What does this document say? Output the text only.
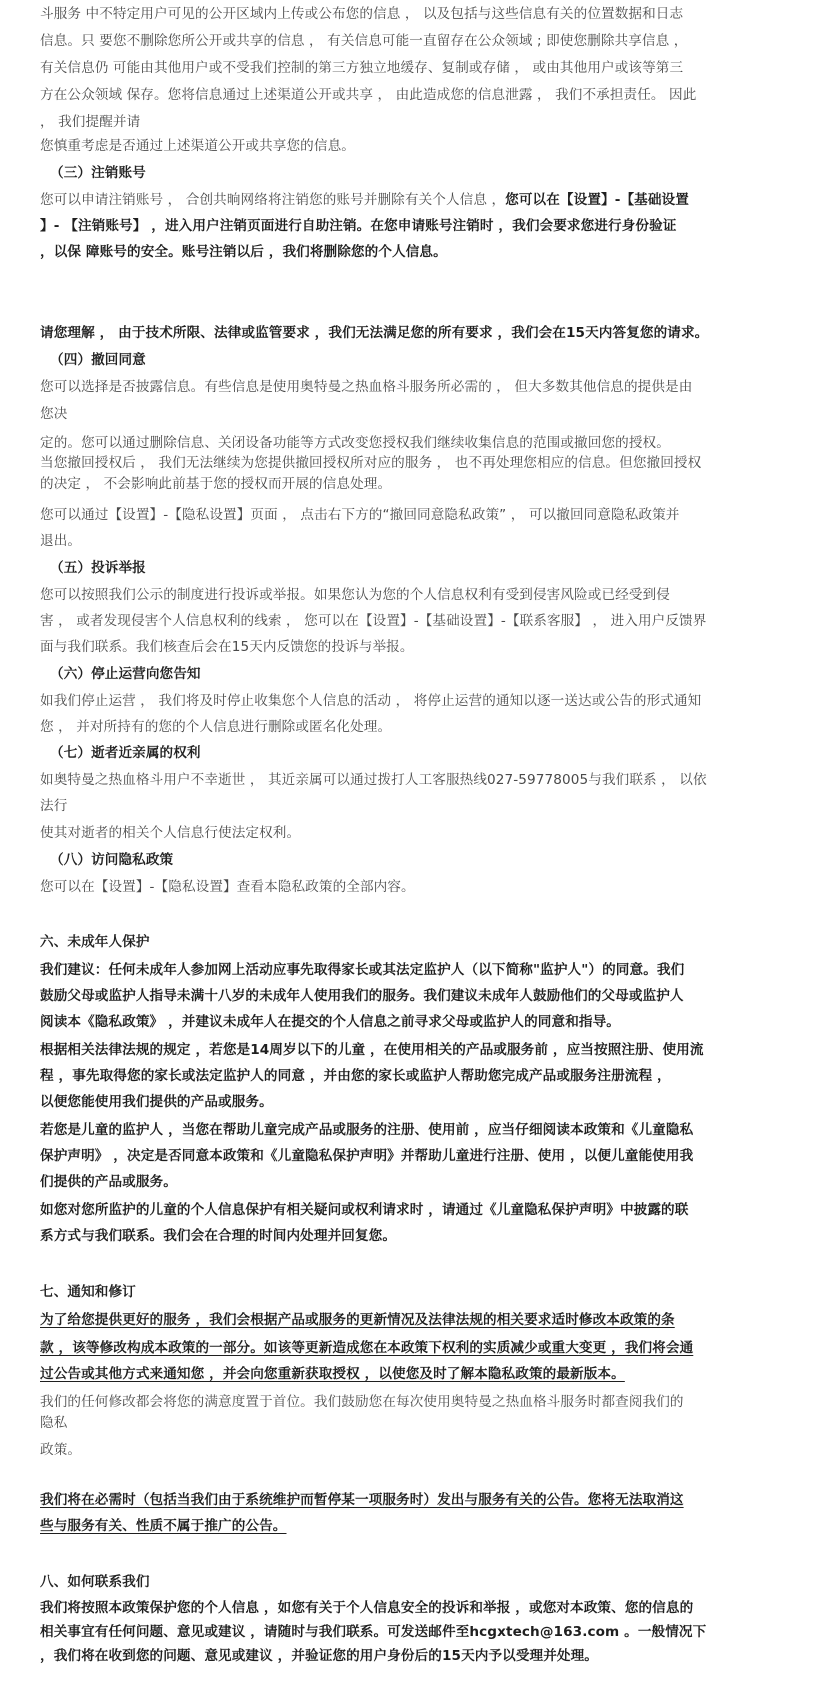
斗服务 中不特定用户可见的公开区域内上传或公布您的信息 ， 以及包括与这些信息有关的位置数据和日志
信息。只 要您不删除您所公开或共享的信息 ， 有关信息可能一直留存在公众领域 ; 即使您删除共享信息 ，
有关信息仍 可能由其他用户或不受我们控制的第三方独立地缓存、复制或存储 ， 或由其他用户或该等第三
方在公众领域 保存。您将信息通过上述渠道公开或共享 ， 由此造成您的信息泄露 ， 我们不承担责任。 因此
， 我们提醒并请
您慎重考虑是否通过上述渠道公开或共享您的信息。
（三）注销账号
您可以申请注销账号 ， 合创共晌网络将注销您的账号并删除有关个人信息 ，您可以在【设置】-【基础设置
】- 【注销账号】 ，进入用户注销页面进行自助注销。在您申请账号注销时 ，我们会要求您进行身份验证
，以保 障账号的安全。账号注销以后 ，我们将删除您的个人信息。
请您理解 ， 由于技术所限、法律或监管要求 ，我们无法满足您的所有要求 ，我们会在15天内答复您的请求。
（四）撤回同意
您可以选择是否披露信息。有些信息是使用奥特曼之热血格斗服务所必需的 ， 但大多数其他信息的提供是由
您决
定的。您可以通过删除信息、关闭设备功能等方式改变您授权我们继续收集信息的范围或撤回您的授权。
当您撤回授权后 ， 我们无法继续为您提供撤回授权所对应的服务 ， 也不再处理您相应的信息。但您撤回授权
的决定 ， 不会影响此前基于您的授权而开展的信息处理。
您可以通过【设置】-【隐私设置】页面 ， 点击右下方的“撤回同意隐私政策” ， 可以撤回同意隐私政策并
退出。
（五）投诉举报
您可以按照我们公示的制度进行投诉或举报。如果您认为您的个人信息权利有受到侵害风险或已经受到侵
害 ， 或者发现侵害个人信息权利的线索 ， 您可以在【设置】-【基础设置】-【联系客服】 ， 进入用户反馈界
面与我们联系。我们核查后会在15天内反馈您的投诉与举报。
（六）停止运营向您告知
如我们停止运营 ， 我们将及时停止收集您个人信息的活动 ， 将停止运营的通知以逐一送达或公告的形式通知
您 ， 并对所持有的您的个人信息进行删除或匿名化处理。
（七）逝者近亲属的权利
如奥特曼之热血格斗用户不幸逝世 ， 其近亲属可以通过拨打人工客服热线027-59778005与我们联系 ， 以依
法行
使其对逝者的相关个人信息行使法定权利。
（八）访问隐私政策
您可以在【设置】-【隐私设置】查看本隐私政策的全部内容。
六、未成年人保护
我们建议：任何未成年人参加网上活动应事先取得家长或其法定监护人（以下简称"监护人"）的同意。我们
鼓励父母或监护人指导未满十八岁的未成年人使用我们的服务。我们建议未成年人鼓励他们的父母或监护人
阅读本《隐私政策》 ，并建议未成年人在提交的个人信息之前寻求父母或监护人的同意和指导。
根据相关法律法规的规定 ，若您是14周岁以下的儿童 ，在使用相关的产品或服务前 ，应当按照注册、使用流
程 ，事先取得您的家长或法定监护人的同意 ，并由您的家长或监护人帮助您完成产品或服务注册流程 ，
以便您能使用我们提供的产品或服务。
若您是儿童的监护人 ，当您在帮助儿童完成产品或服务的注册、使用前 ，应当仔细阅读本政策和《儿童隐私
保护声明》 ，决定是否同意本政策和《儿童隐私保护声明》并帮助儿童进行注册、使用 ，以便儿童能使用我
们提供的产品或服务。
如您对您所监护的儿童的个人信息保护有相关疑问或权利请求时 ，请通过《儿童隐私保护声明》中披露的联
系方式与我们联系。我们会在合理的时间内处理并回复您。
七、通知和修订
为了给您提供更好的服务 ，我们会根据产品或服务的更新情况及法律法规的相关要求适时修改本政策的条
款 ，该等修改构成本政策的一部分。如该等更新造成您在本政策下权利的实质减少或重大变更 ，我们将会通
过公告或其他方式来通知您 ，并会向您重新获取授权 ，以使您及时了解本隐私政策的最新版本。
我们的任何修改都会将您的满意度置于首位。我们鼓励您在每次使用奥特曼之热血格斗服务时都查阅我们的
隐私
政策。
我们将在必需时（包括当我们由于系统维护而暂停某一项服务时）发出与服务有关的公告。您将无法取消这
些与服务有关、性质不属于推广的公告。
八、如何联系我们
我们将按照本政策保护您的个人信息 ，如您有关于个人信息安全的投诉和举报 ，或您对本政策、您的信息的
相关事宜有任何问题、意见或建议 ，请随时与我们联系。可发送邮件至hcgxtech@163.com 。一般情况下
，我们将在收到您的问题、意见或建议 ，并验证您的用户身份后的15天内予以受理并处理。
